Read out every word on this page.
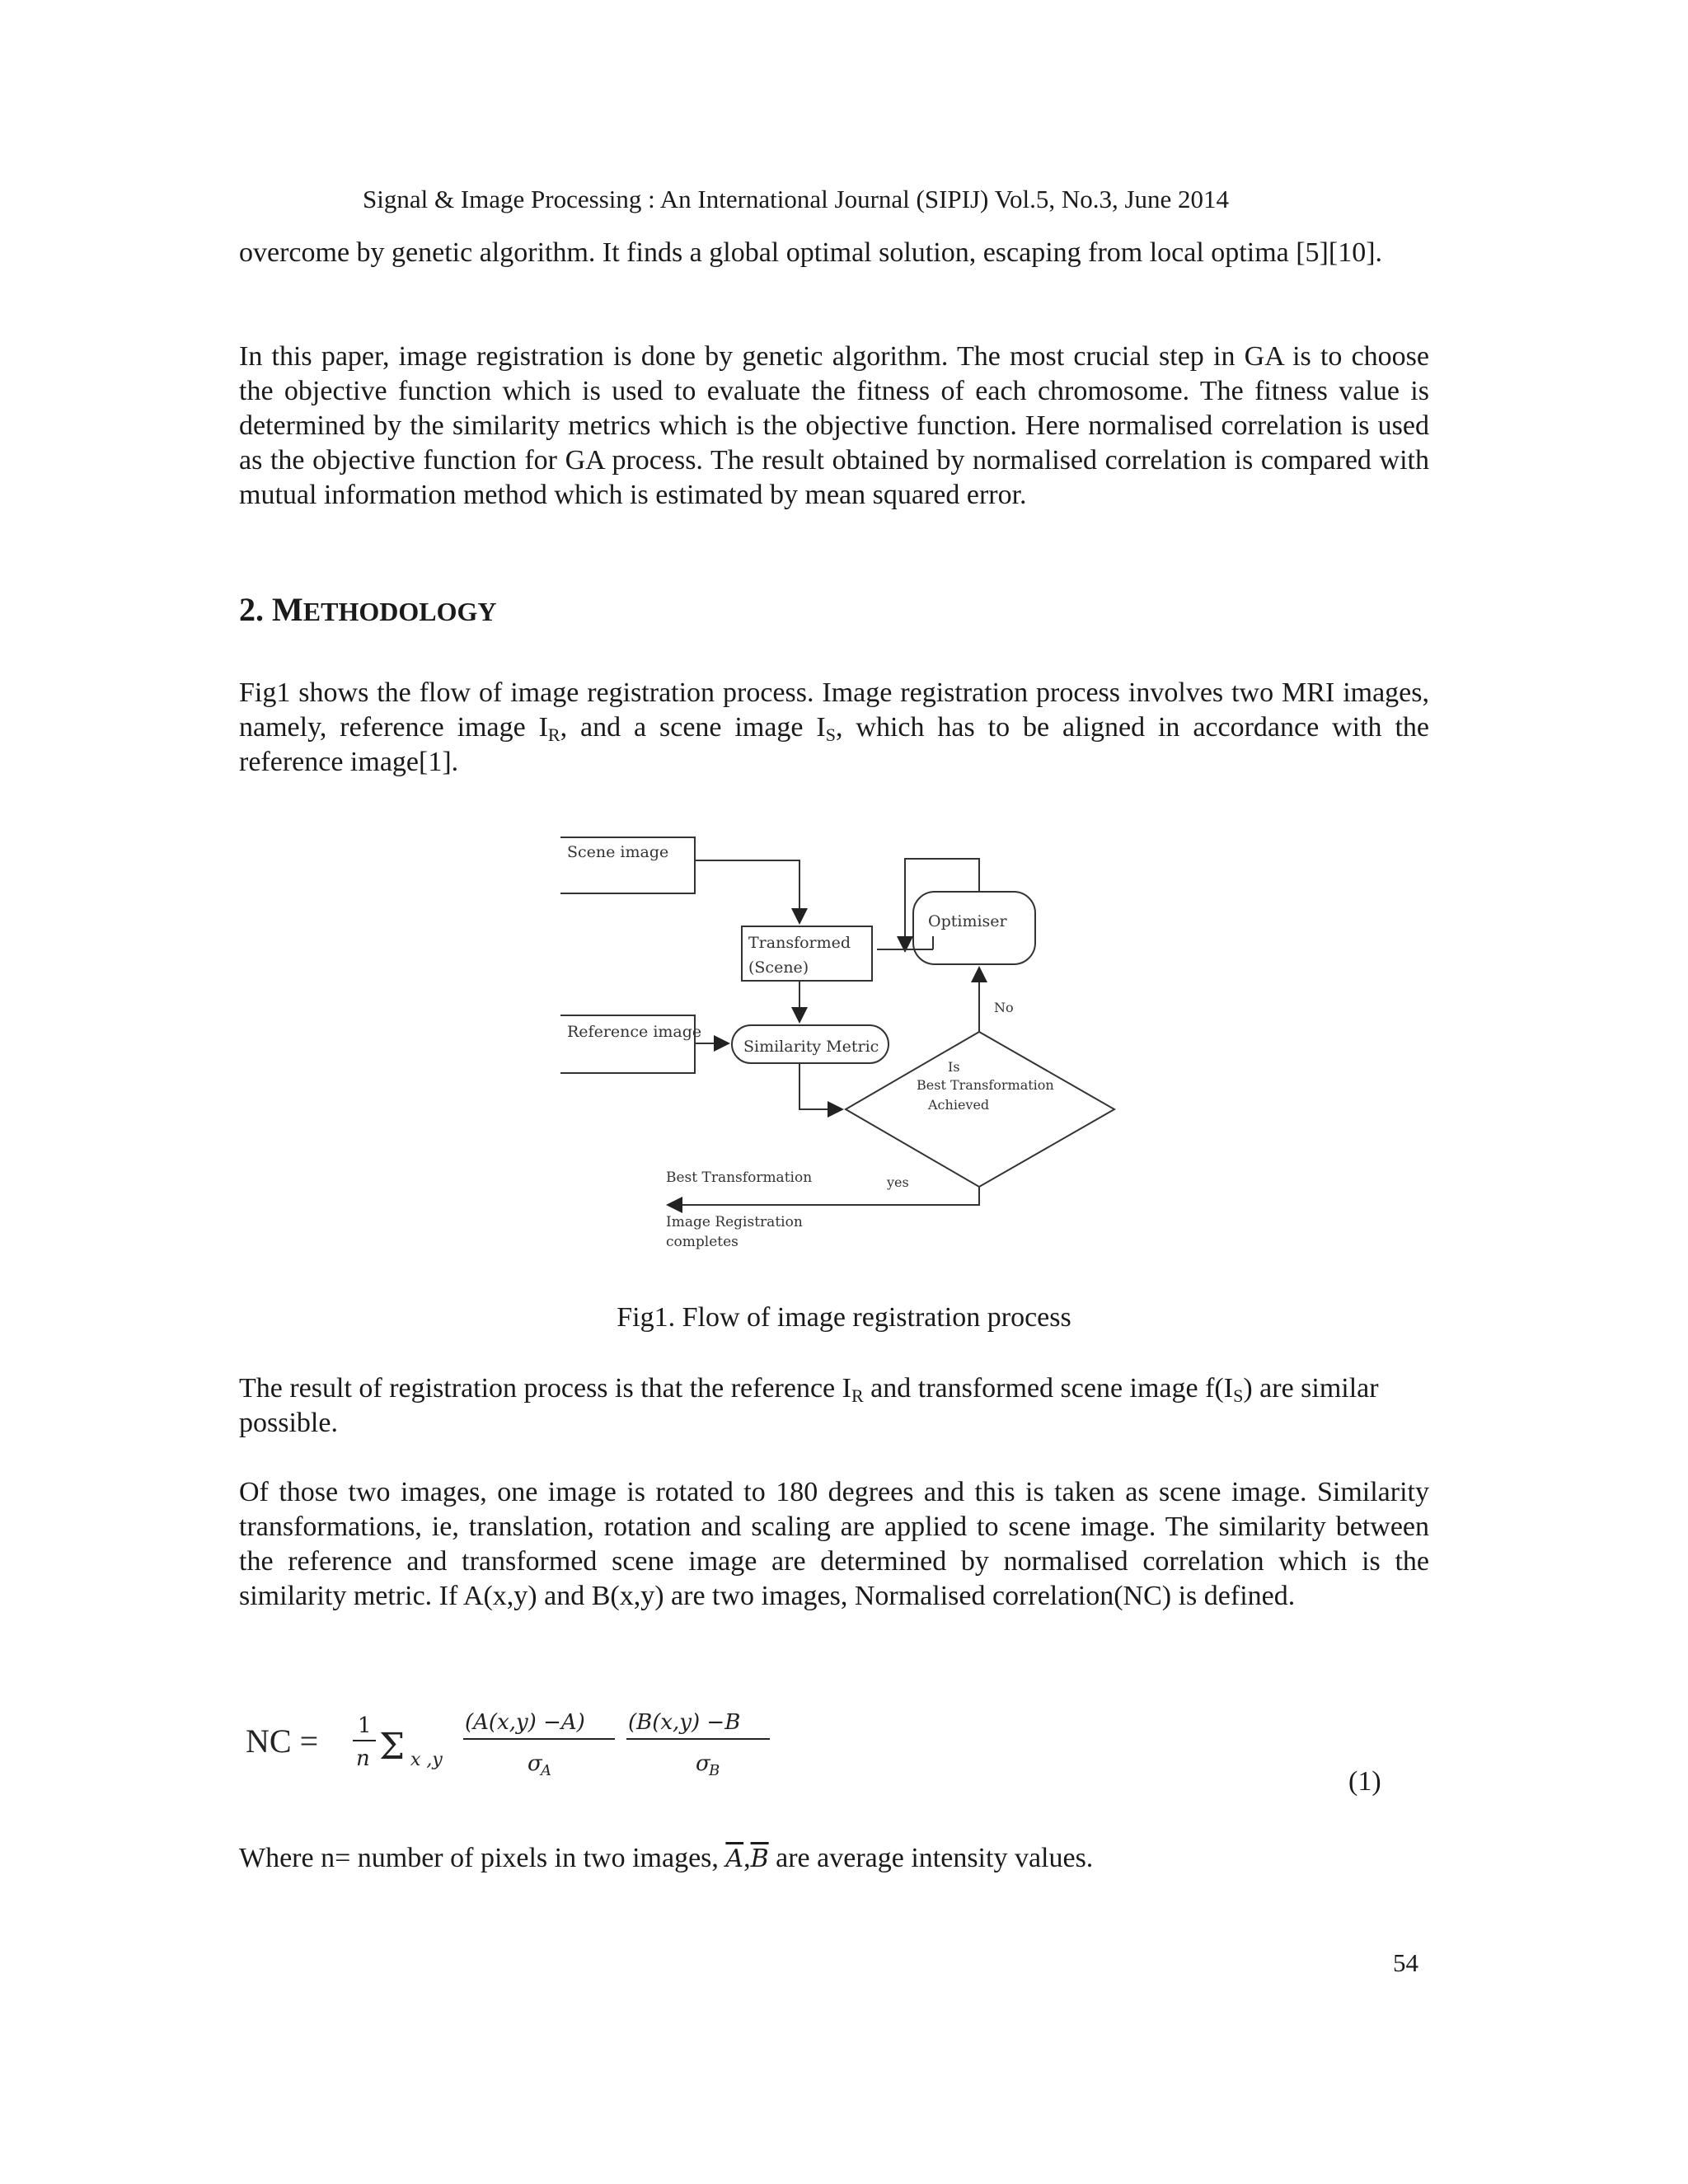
Signal & Image Processing : An International Journal (SIPIJ) Vol.5, No.3, June 2014

overcome by genetic algorithm. It finds a global optimal solution, escaping from local optima [5][10].

In this paper, image registration is done by genetic algorithm. The most crucial step in GA is to choose the objective function which is used to evaluate the fitness of each chromosome. The fitness value is determined by the similarity metrics which is the objective function. Here normalised correlation is used as the objective function for GA process. The result obtained by normalised correlation is compared with mutual information method which is estimated by mean squared error.

2. METHODOLOGY

Fig1 shows the flow of image registration process. Image registration process involves two MRI images, namely, reference image $I_R$, and a scene image $I_S$, which has to be aligned in accordance with the reference image[1].

Scene image
Reference image
Transformed
(Scene)
Optimiser
Similarity Metric
Is
Best Transformation
Achieved
No
yes
Best Transformation
Image Registration
completes
Fig1. Flow of image registration process

The result of registration process is that the reference $I_R$ and transformed scene image $f(I_S)$ are similar possible.

Of those two images, one image is rotated to 180 degrees and this is taken as scene image. Similarity transformations, ie, translation, rotation and scaling are applied to scene image. The similarity between the reference and transformed scene image are determined by normalised correlation which is the similarity metric. If A(x,y) and B(x,y) are two images, Normalised correlation(NC) is defined.

NC = 1
n Σ x ,y
(A(x,y) −A)
σ
A
(B(x,y) −B
σ
B	(1)

Where n= number of pixels in two images, $\overline{A},\overline{B}$ are average intensity values.

54
